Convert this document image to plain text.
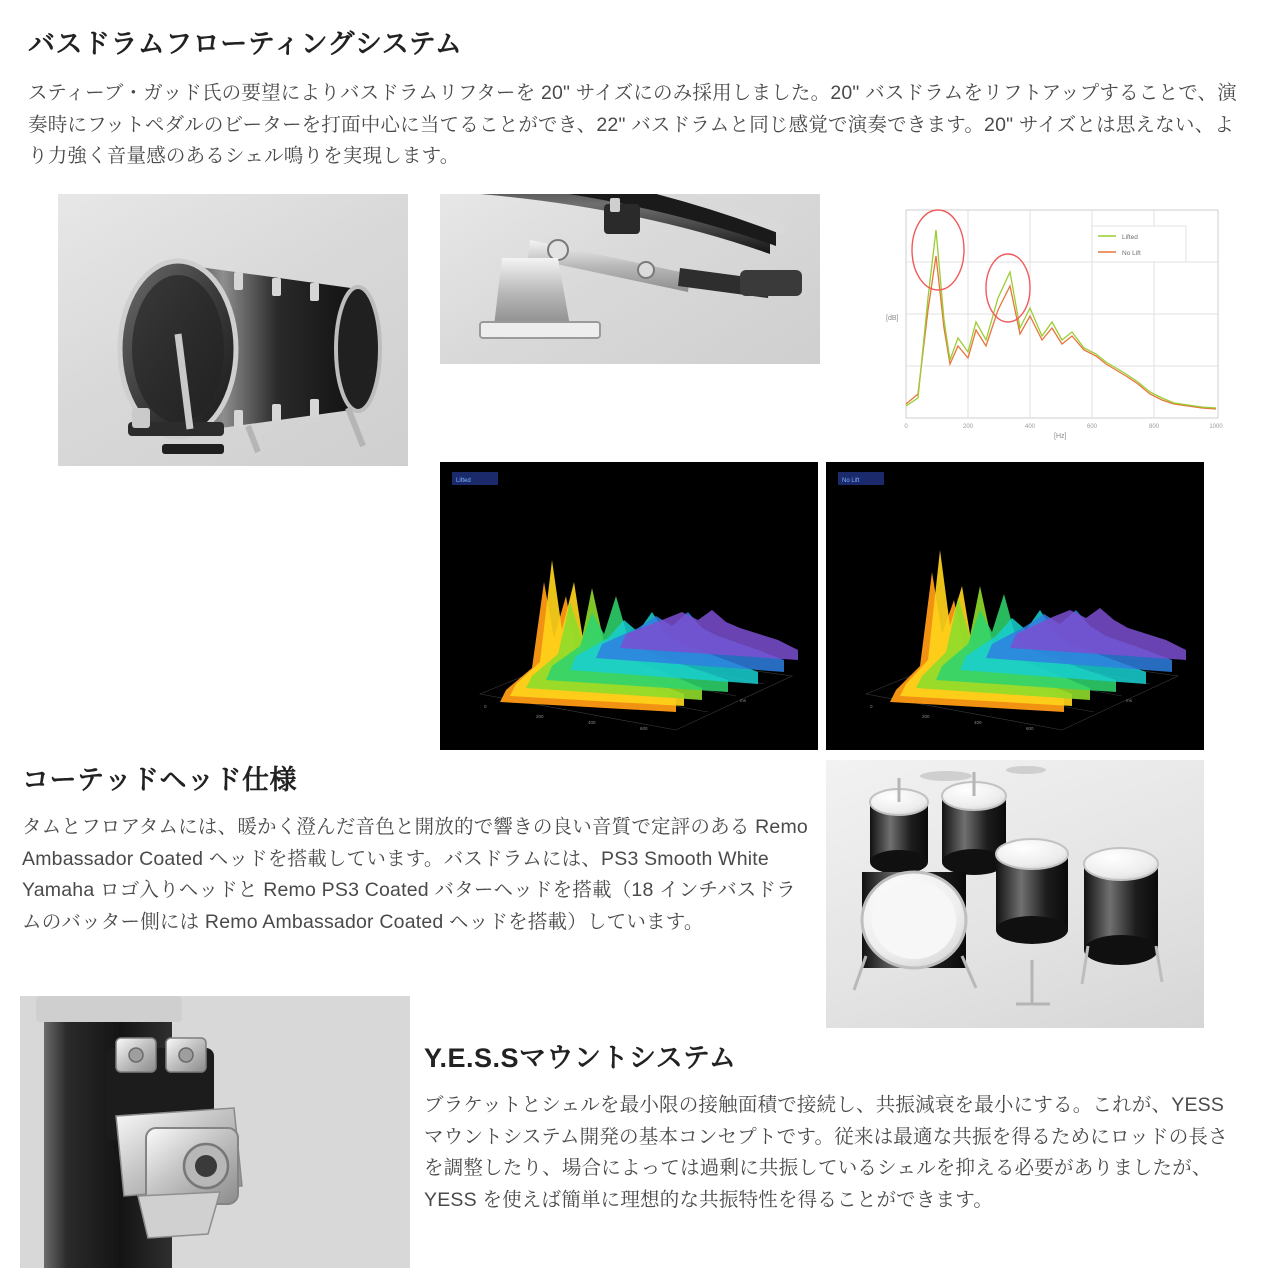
バスドラムフローティングシステム

スティーブ・ガッド氏の要望によりバスドラムリフターを 20" サイズにのみ採用しました。20" バスドラムをリフトアップすることで、演奏時にフットペダルのビーターを打面中心に当てることができ、22" バスドラムと同じ感覚で演奏できます。20" サイズとは思えない、より力強く音量感のあるシェル鳴りを実現します。

[dB]
[Hz]
0	200	400	600	800	1000
Lifted
No Lift
Lifted
0
200
400
600
ms
No Lift
0
200
400
600
ms
コーテッドヘッド仕様

タムとフロアタムには、暖かく澄んだ音色と開放的で響きの良い音質で定評のある Remo Ambassador Coated ヘッドを搭載しています。バスドラムには、PS3 Smooth White Yamaha ロゴ入りヘッドと Remo PS3 Coated バターヘッドを搭載（18 インチバスドラムのバッター側には Remo Ambassador Coated ヘッドを搭載）しています。

Y.E.S.Sマウントシステム

ブラケットとシェルを最小限の接触面積で接続し、共振減衰を最小にする。これが、YESS マウントシステム開発の基本コンセプトです。従来は最適な共振を得るためにロッドの長さを調整したり、場合によっては過剰に共振しているシェルを抑える必要がありましたが、YESS を使えば簡単に理想的な共振特性を得ることができます。
